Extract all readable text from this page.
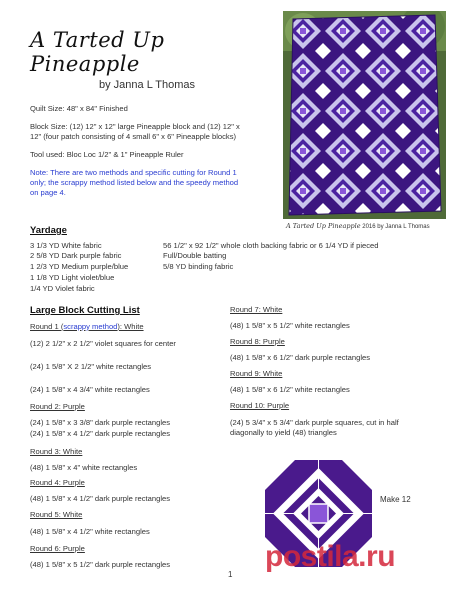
A Tarted Up Pineapple
by Janna L Thomas
Quilt Size: 48" x 84" Finished
Block Size: (12) 12" x 12" large Pineapple block and (12) 12" x
12" (four patch consisting of 4 small 6" x 6" Pineapple blocks)
Tool used: Bloc Loc 1/2" & 1" Pineapple Ruler
Note: There are two methods and specific cutting for Round 1
only; the scrappy method listed below and the speedy method
on page 4.
A Tarted Up Pineapple 2016 by Janna L Thomas
Yardage
3 1/3 YD White fabric
2 5/8 YD Dark purple fabric
1 2/3 YD Medium purple/blue
1 1/8 YD Light violet/blue
1/4 YD Violet fabric
56 1/2" x 92 1/2" whole cloth backing fabric or 6 1/4 YD if pieced
Full/Double batting
5/8 YD binding fabric
Large Block Cutting List
Round 1 (scrappy method): White
(12) 2 1/2" x 2 1/2" violet squares for center
(24) 1 5/8" X 2 1/2" white rectangles
(24) 1 5/8" x 4 3/4" white rectangles
Round 2: Purple
(24) 1 5/8" x 3 3/8" dark purple rectangles
(24) 1 5/8" x 4 1/2" dark purple rectangles
Round 3: White
(48) 1 5/8" x 4" white rectangles
Round 4: Purple
(48) 1 5/8" x 4 1/2" dark purple rectangles
Round 5: White
(48) 1 5/8" x 4 1/2" white rectangles
Round 6: Purple
(48) 1 5/8" x 5 1/2" dark purple rectangles
Round 7: White
(48) 1 5/8" x 5 1/2" white rectangles
Round 8: Purple
(48) 1 5/8" x 6 1/2" dark purple rectangles
Round 9: White
(48) 1 5/8" x 6 1/2" white rectangles
Round 10: Purple
(24) 5 3/4" x 5 3/4" dark purple squares, cut in half
diagonally to yield (48) triangles
Make 12
postila.ru
1
